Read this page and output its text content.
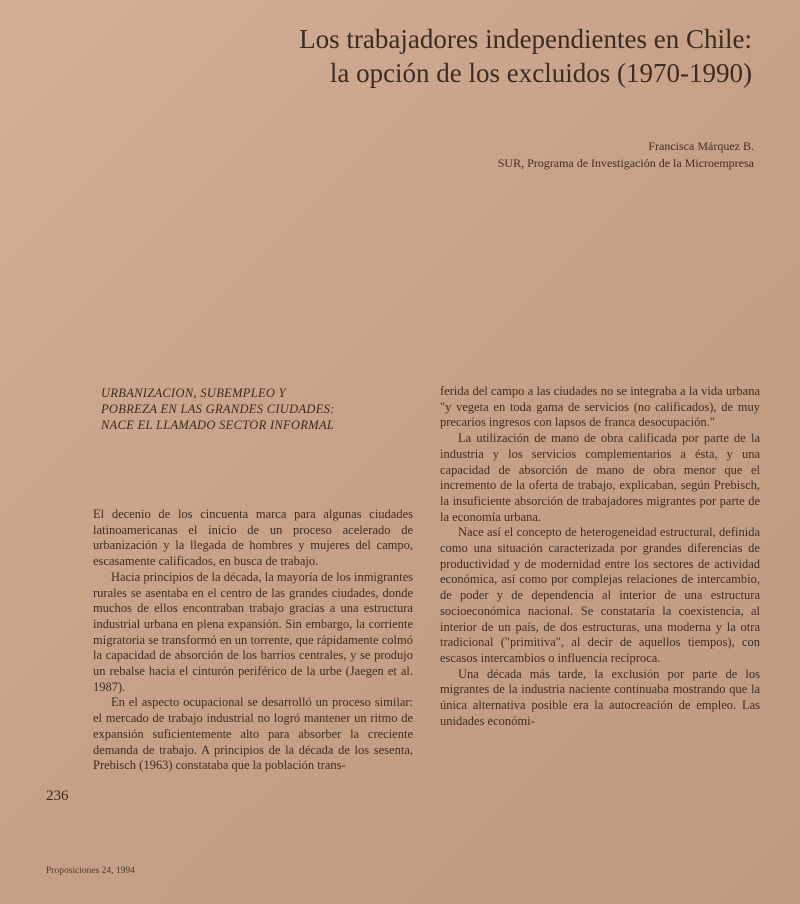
Los trabajadores independientes en Chile:
la opción de los excluidos (1970-1990)
Francisca Márquez B.
SUR, Programa de Investigación de la Microempresa
URBANIZACION, SUBEMPLEO Y
POBREZA EN LAS GRANDES CIUDADES:
NACE EL LLAMADO SECTOR INFORMAL

El decenio de los cincuenta marca para algunas ciudades latinoamericanas el inicio de un proceso acelerado de urbanización y la llegada de hombres y mujeres del campo, escasamente calificados, en busca de trabajo.

Hacia principios de la década, la mayoría de los inmigrantes rurales se asentaba en el centro de las grandes ciudades, donde muchos de ellos encontraban trabajo gracias a una estructura industrial urbana en plena expansión. Sin embargo, la corriente migratoria se transformó en un torrente, que rápidamente colmó la capacidad de absorción de los barrios centrales, y se produjo un rebalse hacia el cinturón periférico de la urbe (Jaegen et al. 1987).

En el aspecto ocupacional se desarrolló un proceso similar: el mercado de trabajo industrial no logró mantener un ritmo de expansión suficientemente alto para absorber la creciente demanda de trabajo. A principios de la década de los sesenta, Prebisch (1963) constataba que la población trans-

ferida del campo a las ciudades no se integraba a la vida urbana "y vegeta en toda gama de servicios (no calificados), de muy precarios ingresos con lapsos de franca desocupación."

La utilización de mano de obra calificada por parte de la industria y los servicios complementarios a ésta, y una capacidad de absorción de mano de obra menor que el incremento de la oferta de trabajo, explicaban, según Prebisch, la insuficiente absorción de trabajadores migrantes por parte de la economía urbana.

Nace así el concepto de heterogeneidad estructural, definida como una situación caracterizada por grandes diferencias de productividad y de modernidad entre los sectores de actividad económica, así como por complejas relaciones de intercambio, de poder y de dependencia al interior de una estructura socioeconómica nacional. Se constataría la coexistencia, al interior de un país, de dos estructuras, una moderna y la otra tradicional ("primitiva", al decir de aquellos tiempos), con escasos intercambios o influencia recíproca.

Una década más tarde, la exclusión por parte de los migrantes de la industria naciente continuaba mostrando que la única alternativa posible era la autocreación de empleo. Las unidades económi-

236
Proposiciones 24, 1994
